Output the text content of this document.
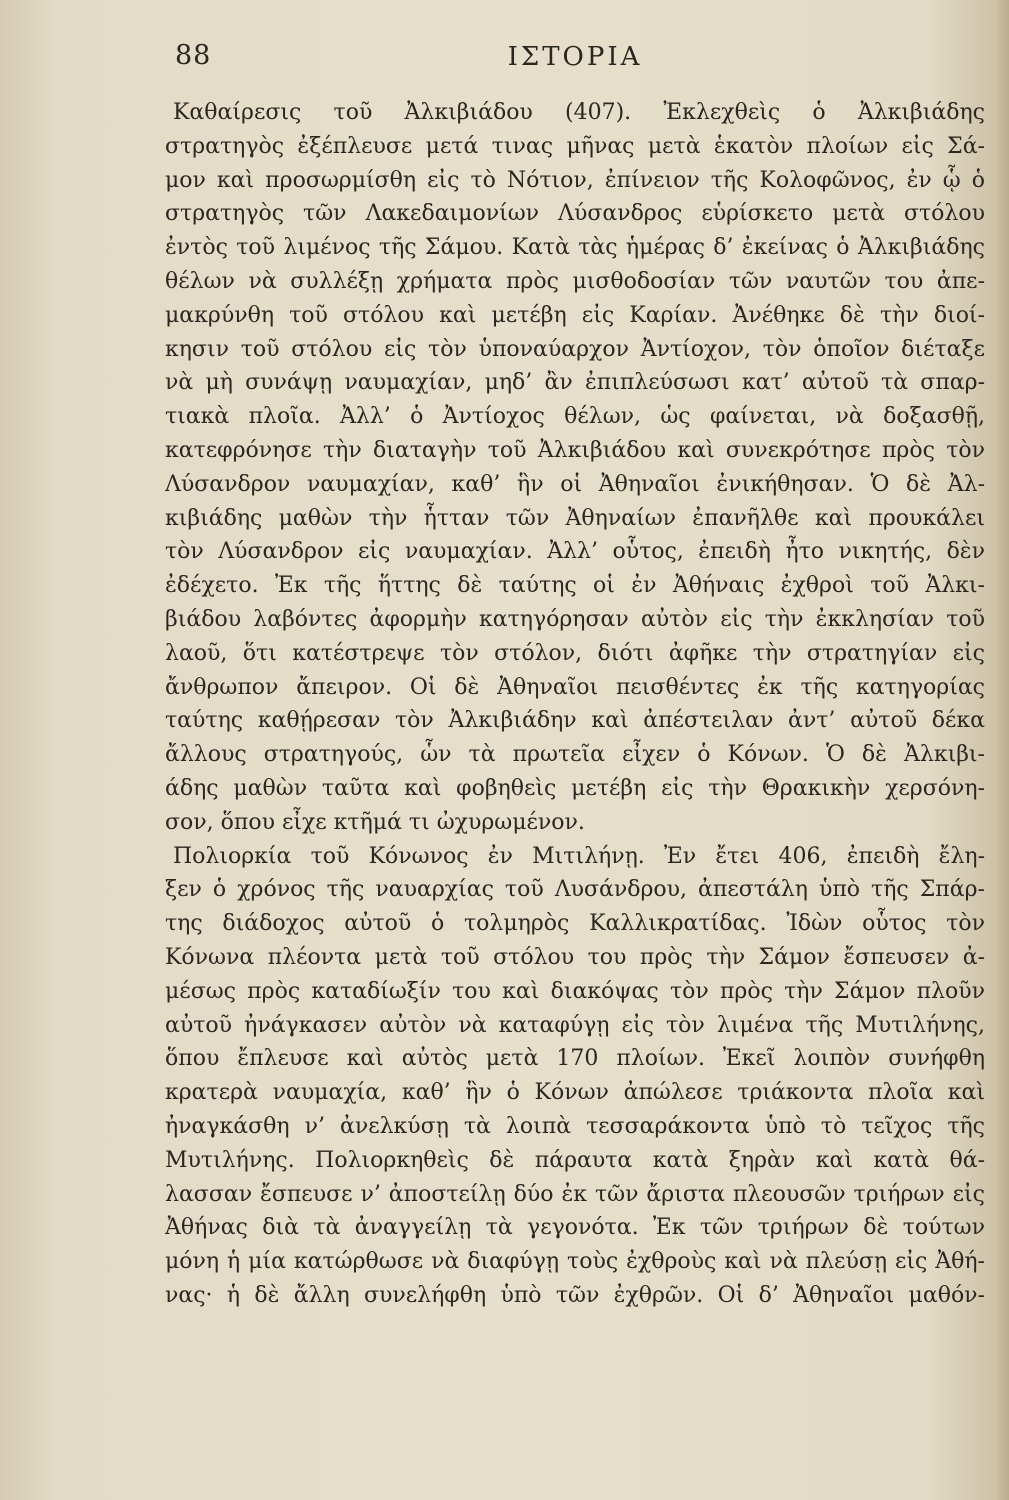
88	ΙΣΤΟΡΙΑ
Καθαίρεσις τοῦ Ἀλκιβιάδου (407). Ἐκλεχθεὶς ὁ Ἀλκιβιάδης
στρατηγὸς ἐξέπλευσε μετά τινας μῆνας μετὰ ἑκατὸν πλοίων εἰς Σά-
μον καὶ προσωρμίσθη εἰς τὸ Νότιον, ἐπίνειον τῆς Κολοφῶνος, ἐν ᾧ ὁ
στρατηγὸς τῶν Λακεδαιμονίων Λύσανδρος εὑρίσκετο μετὰ στόλου
ἐντὸς τοῦ λιμένος τῆς Σάμου. Κατὰ τὰς ἡμέρας δ’ ἐκείνας ὁ Ἀλκιβιάδης
θέλων νὰ συλλέξῃ χρήματα πρὸς μισθοδοσίαν τῶν ναυτῶν του ἀπε-
μακρύνθη τοῦ στόλου καὶ μετέβη εἰς Καρίαν. Ἀνέθηκε δὲ τὴν διοί-
κησιν τοῦ στόλου εἰς τὸν ὑποναύαρχον Ἀντίοχον, τὸν ὁποῖον διέταξε
νὰ μὴ συνάψῃ ναυμαχίαν, μηδ’ ἂν ἐπιπλεύσωσι κατ’ αὐτοῦ τὰ σπαρ-
τιακὰ πλοῖα. Ἀλλ’ ὁ Ἀντίοχος θέλων, ὡς φαίνεται, νὰ δοξασθῇ,
κατεφρόνησε τὴν διαταγὴν τοῦ Ἀλκιβιάδου καὶ συνεκρότησε πρὸς τὸν
Λύσανδρον ναυμαχίαν, καθ’ ἣν οἱ Ἀθηναῖοι ἐνικήθησαν. Ὁ δὲ Ἀλ-
κιβιάδης μαθὼν τὴν ἧτταν τῶν Ἀθηναίων ἐπανῆλθε καὶ προυκάλει
τὸν Λύσανδρον εἰς ναυμαχίαν. Ἀλλ’ οὗτος, ἐπειδὴ ἦτο νικητής, δὲν
ἐδέχετο. Ἐκ τῆς ἥττης δὲ ταύτης οἱ ἐν Ἀθήναις ἐχθροὶ τοῦ Ἀλκι-
βιάδου λαβόντες ἀφορμὴν κατηγόρησαν αὐτὸν εἰς τὴν ἐκκλησίαν τοῦ
λαοῦ, ὅτι κατέστρεψε τὸν στόλον, διότι ἀφῆκε τὴν στρατηγίαν εἰς
ἄνθρωπον ἄπειρον. Οἱ δὲ Ἀθηναῖοι πεισθέντες ἐκ τῆς κατηγορίας
ταύτης καθῄρεσαν τὸν Ἀλκιβιάδην καὶ ἀπέστειλαν ἀντ’ αὐτοῦ δέκα
ἄλλους στρατηγούς, ὧν τὰ πρωτεῖα εἶχεν ὁ Κόνων. Ὁ δὲ Ἀλκιβι-
άδης μαθὼν ταῦτα καὶ φοβηθεὶς μετέβη εἰς τὴν Θρακικὴν χερσόνη-
σον, ὅπου εἶχε κτῆμά τι ὠχυρωμένον.
Πολιορκία τοῦ Κόνωνος ἐν Μιτιλήνῃ. Ἐν ἔτει 406, ἐπειδὴ ἔλη-
ξεν ὁ χρόνος τῆς ναυαρχίας τοῦ Λυσάνδρου, ἀπεστάλη ὑπὸ τῆς Σπάρ-
της διάδοχος αὐτοῦ ὁ τολμηρὸς Καλλικρατίδας. Ἰδὼν οὗτος τὸν
Κόνωνα πλέοντα μετὰ τοῦ στόλου του πρὸς τὴν Σάμον ἔσπευσεν ἀ-
μέσως πρὸς καταδίωξίν του καὶ διακόψας τὸν πρὸς τὴν Σάμον πλοῦν
αὐτοῦ ἠνάγκασεν αὐτὸν νὰ καταφύγῃ εἰς τὸν λιμένα τῆς Μυτιλήνης,
ὅπου ἔπλευσε καὶ αὐτὸς μετὰ 170 πλοίων. Ἐκεῖ λοιπὸν συνήφθη
κρατερὰ ναυμαχία, καθ’ ἣν ὁ Κόνων ἀπώλεσε τριάκοντα πλοῖα καὶ
ἠναγκάσθη ν’ ἀνελκύσῃ τὰ λοιπὰ τεσσαράκοντα ὑπὸ τὸ τεῖχος τῆς
Μυτιλήνης. Πολιορκηθεὶς δὲ πάραυτα κατὰ ξηρὰν καὶ κατὰ θά-
λασσαν ἔσπευσε ν’ ἀποστείλῃ δύο ἐκ τῶν ἄριστα πλεουσῶν τριήρων εἰς
Ἀθήνας διὰ τὰ ἀναγγείλῃ τὰ γεγονότα. Ἐκ τῶν τριήρων δὲ τούτων
μόνη ἡ μία κατώρθωσε νὰ διαφύγῃ τοὺς ἐχθροὺς καὶ νὰ πλεύσῃ εἰς Ἀθή-
νας· ἡ δὲ ἄλλη συνελήφθη ὑπὸ τῶν ἐχθρῶν. Οἱ δ’ Ἀθηναῖοι μαθόν-
